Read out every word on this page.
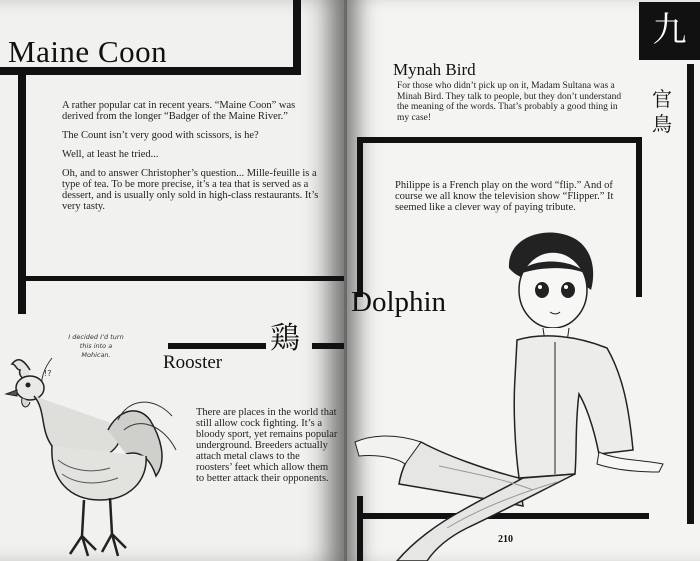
Maine Coon

A rather popular cat in recent years. “Maine Coon” was derived from the longer “Badger of the Maine River.”

The Count isn’t very good with scissors, is he?

Well, at least he tried...

Oh, and to answer Christopher’s question... Mille-feuille is a type of tea. To be more precise, it’s a tea that is served as a dessert, and is usually only sold in high-class restaurants. It’s very tasty.

鶏
Rooster

There are places in the world that still allow cock fighting. It’s a bloody sport, yet remains popular underground. Breeders actually attach metal claws to the roosters’ feet which allow them to better attack their opponents.

I decided I’d turn this into a Mohican.
!?
九
官
鳥
Mynah Bird

For those who didn’t pick up on it, Madam Sultana was a Minah Bird. They talk to people, but they don’t understand the meaning of the words. That’s probably a good thing in my case!

Philippe is a French play on the word “flip.” And of course we all know the television show “Flipper.” It seemed like a clever way of paying tribute.

Dolphin
210
